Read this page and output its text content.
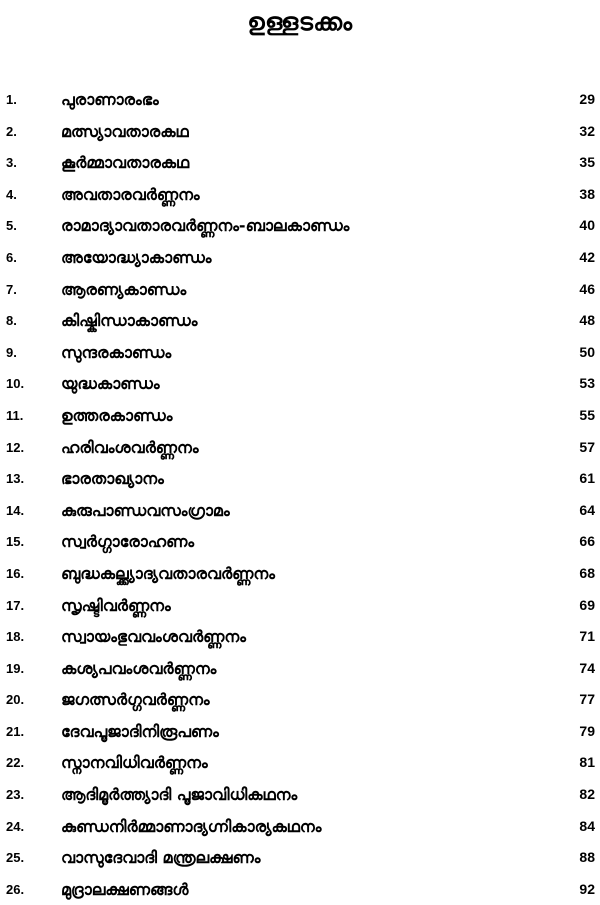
ഉള്ളടക്കം
1.	പുരാണാരംഭം	29
2.	മത്സ്യാവതാരകഥ	32
3.	കൂർമ്മാവതാരകഥ	35
4.	അവതാരവർണ്ണനം	38
5.	രാമാദ്യാവതാരവർണ്ണനം-ബാലകാണ്ഡം	40
6.	അയോദ്ധ്യാകാണ്ഡം	42
7.	ആരണ്യകാണ്ഡം	46
8.	കിഷ്കിന്ധാകാണ്ഡം	48
9.	സുന്ദരകാണ്ഡം	50
10. യുദ്ധകാണ്ഡം	53
11. ഉത്തരകാണ്ഡം	55
12. ഹരിവംശവർണ്ണനം	57
13. ഭാരതാഖ്യാനം	61
14. കുരുപാണ്ഡവസംഗ്രാമം	64
15. സ്വർഗ്ഗാരോഹണം	66
16. ബുദ്ധകല്ക്ക്യാദ്യവതാരവർണ്ണനം	68
17. സൃഷ്ടിവർണ്ണനം	69
18. സ്വായംഭുവവംശവർണ്ണനം	71
19. കശ്യപവംശവർണ്ണനം	74
20. ജഗത്സർഗ്ഗവർണ്ണനം	77
21. ദേവപൂജാദിനിരൂപണം	79
22. സ്നാനവിധിവർണ്ണനം	81
23. ആദിമൂർത്ത്യാദി പൂജാവിധികഥനം	82
24. കുണ്ഡനിർമ്മാണാദ്യഗ്നികാര്യകഥനം	84
25. വാസുദേവാദി മന്ത്രലക്ഷണം	88
26. മുദ്രാലക്ഷണങ്ങൾ	92
